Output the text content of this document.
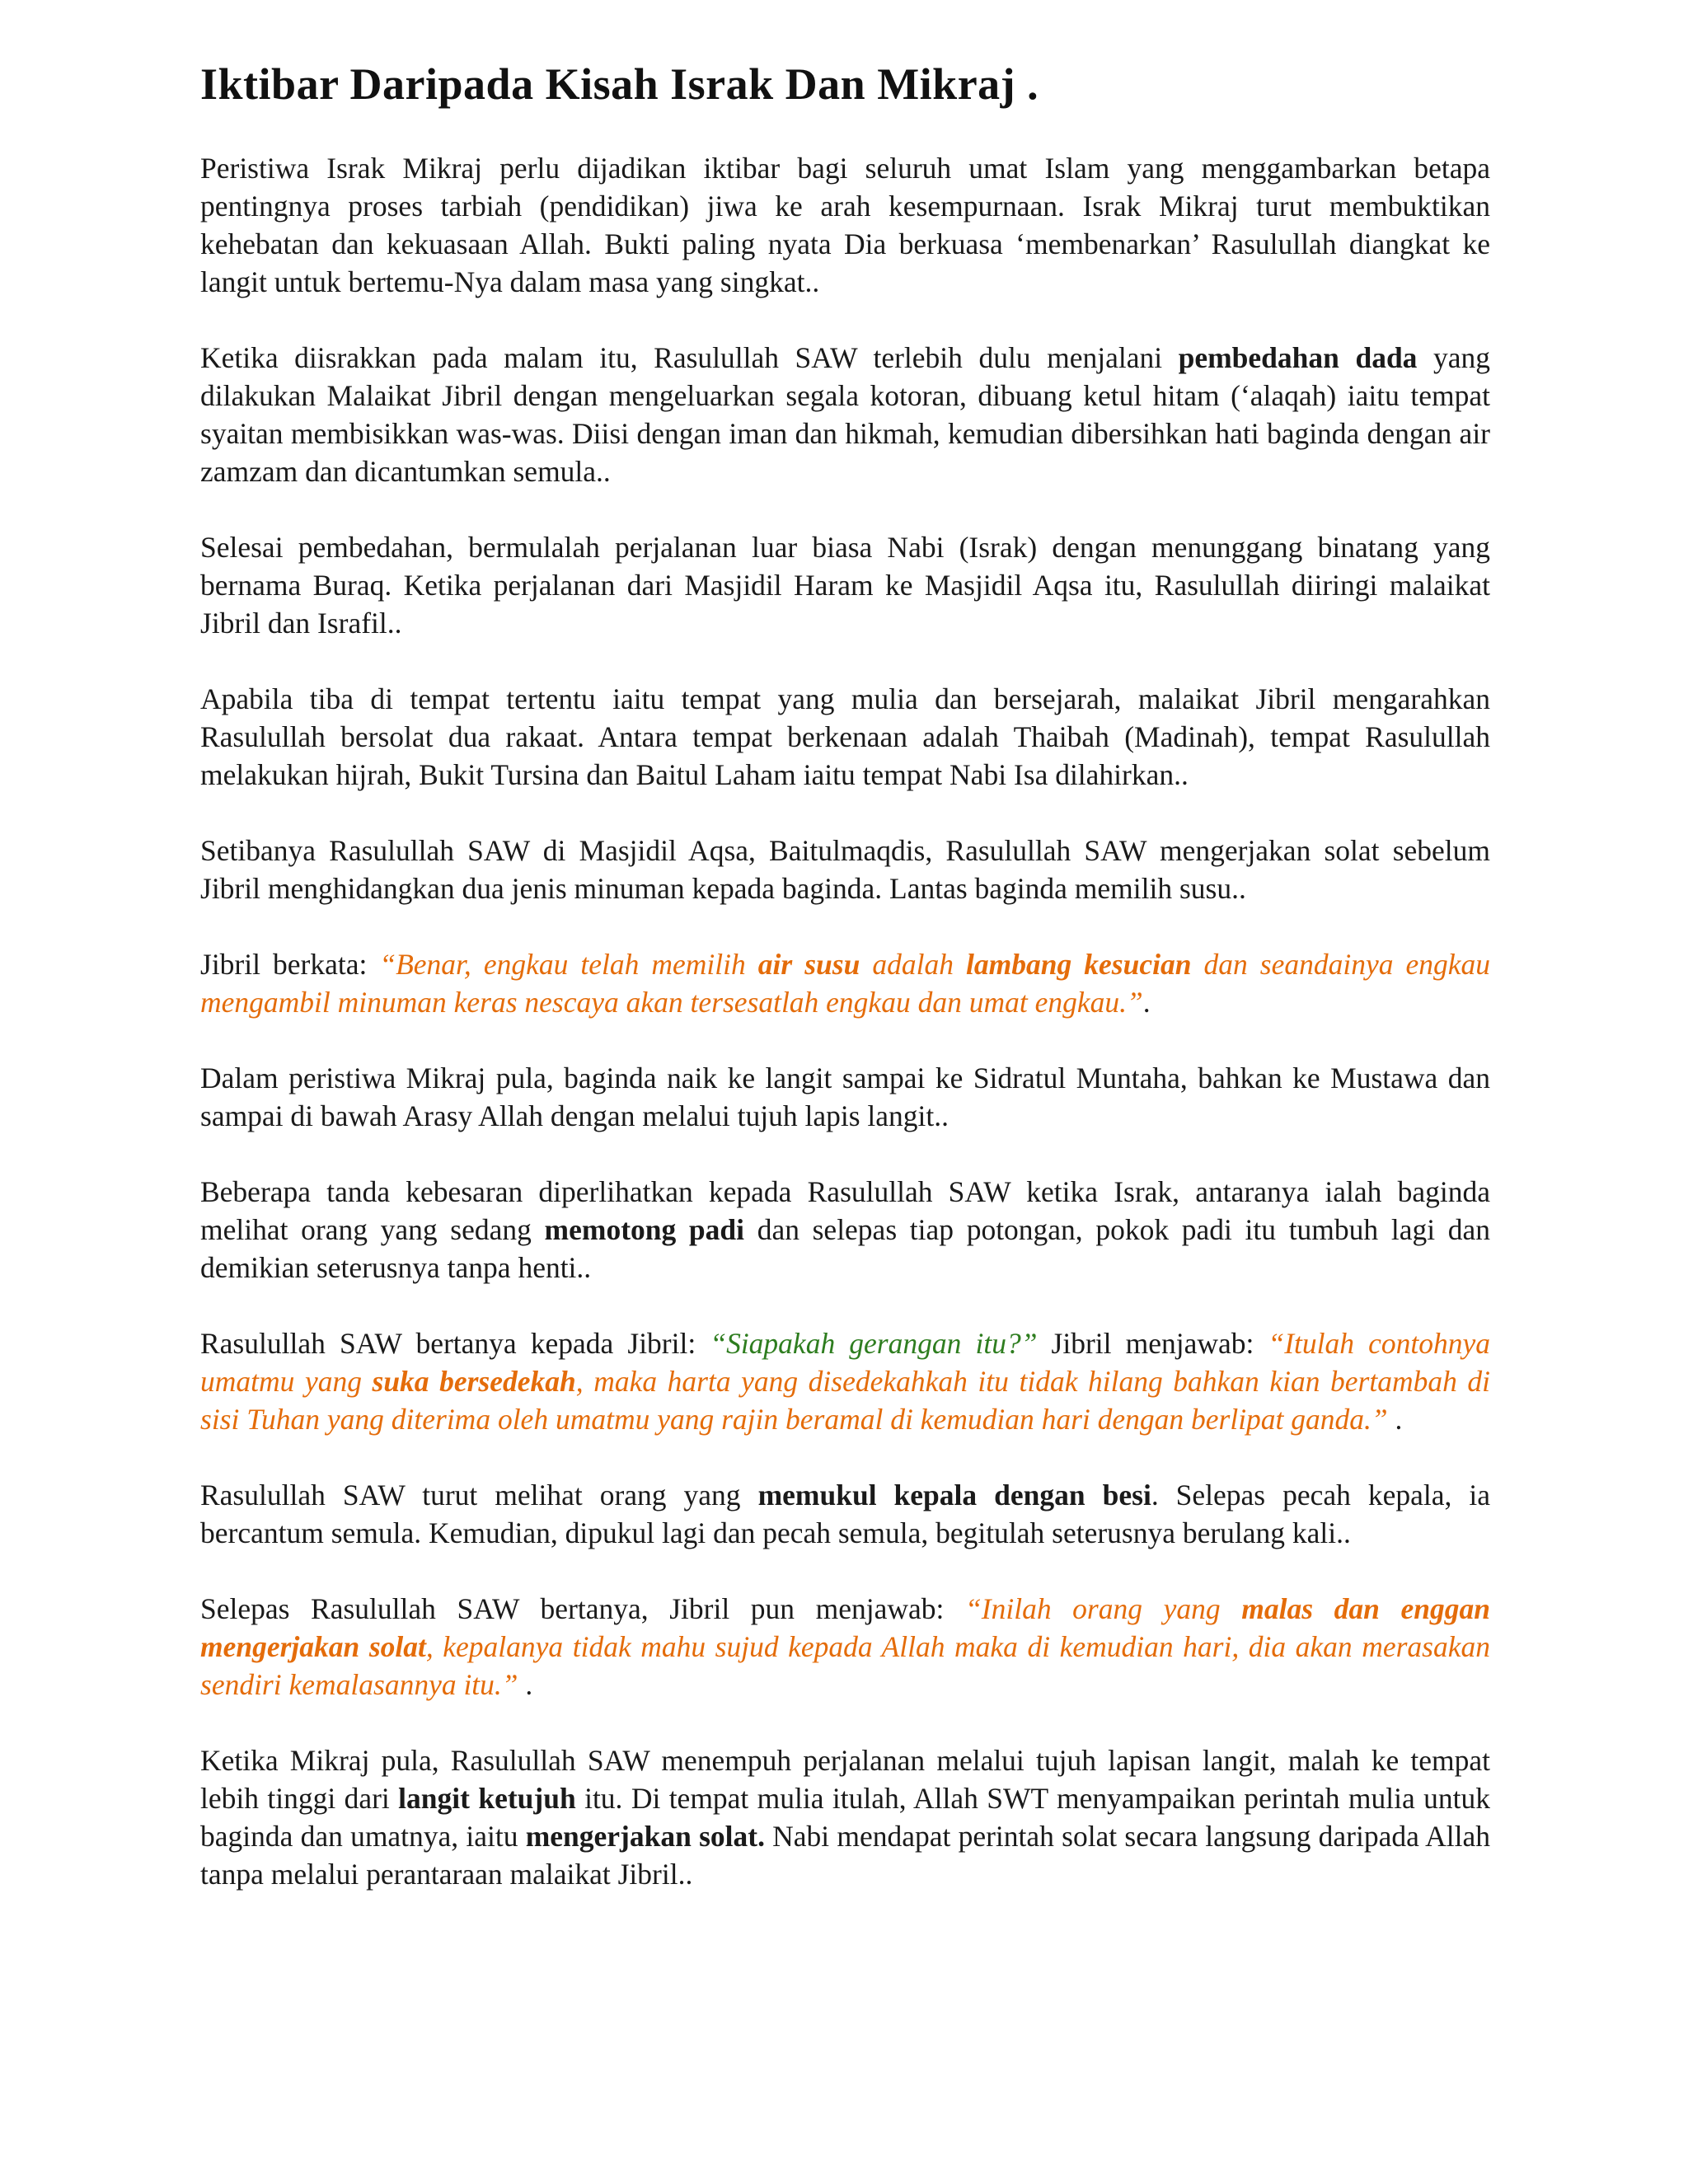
Iktibar Daripada Kisah Israk Dan Mikraj .

Peristiwa Israk Mikraj perlu dijadikan iktibar bagi seluruh umat Islam yang menggambarkan betapa pentingnya proses tarbiah (pendidikan) jiwa ke arah kesempurnaan. Israk Mikraj turut membuktikan kehebatan dan kekuasaan Allah. Bukti paling nyata Dia berkuasa ‘membenarkan’ Rasulullah diangkat ke langit untuk bertemu-Nya dalam masa yang singkat..

Ketika diisrakkan pada malam itu, Rasulullah SAW terlebih dulu menjalani pembedahan dada yang dilakukan Malaikat Jibril dengan mengeluarkan segala kotoran, dibuang ketul hitam (‘alaqah) iaitu tempat syaitan membisikkan was-was. Diisi dengan iman dan hikmah, kemudian dibersihkan hati baginda dengan air zamzam dan dicantumkan semula..

Selesai pembedahan, bermulalah perjalanan luar biasa Nabi (Israk) dengan menunggang binatang yang bernama Buraq. Ketika perjalanan dari Masjidil Haram ke Masjidil Aqsa itu, Rasulullah diiringi malaikat Jibril dan Israfil..

Apabila tiba di tempat tertentu iaitu tempat yang mulia dan bersejarah, malaikat Jibril mengarahkan Rasulullah bersolat dua rakaat. Antara tempat berkenaan adalah Thaibah (Madinah), tempat Rasulullah melakukan hijrah, Bukit Tursina dan Baitul Laham iaitu tempat Nabi Isa dilahirkan..

Setibanya Rasulullah SAW di Masjidil Aqsa, Baitulmaqdis, Rasulullah SAW mengerjakan solat sebelum Jibril menghidangkan dua jenis minuman kepada baginda. Lantas baginda memilih susu..

Jibril berkata: “Benar, engkau telah memilih air susu adalah lambang kesucian dan seandainya engkau mengambil minuman keras nescaya akan tersesatlah engkau dan umat engkau.”.

Dalam peristiwa Mikraj pula, baginda naik ke langit sampai ke Sidratul Muntaha, bahkan ke Mustawa dan sampai di bawah Arasy Allah dengan melalui tujuh lapis langit..

Beberapa tanda kebesaran diperlihatkan kepada Rasulullah SAW ketika Israk, antaranya ialah baginda melihat orang yang sedang memotong padi dan selepas tiap potongan, pokok padi itu tumbuh lagi dan demikian seterusnya tanpa henti..

Rasulullah SAW bertanya kepada Jibril: “Siapakah gerangan itu?” Jibril menjawab: “Itulah contohnya umatmu yang suka bersedekah, maka harta yang disedekahkah itu tidak hilang bahkan kian bertambah di sisi Tuhan yang diterima oleh umatmu yang rajin beramal di kemudian hari dengan berlipat ganda.” .

Rasulullah SAW turut melihat orang yang memukul kepala dengan besi. Selepas pecah kepala, ia bercantum semula. Kemudian, dipukul lagi dan pecah semula, begitulah seterusnya berulang kali..

Selepas Rasulullah SAW bertanya, Jibril pun menjawab: “Inilah orang yang malas dan enggan mengerjakan solat, kepalanya tidak mahu sujud kepada Allah maka di kemudian hari, dia akan merasakan sendiri kemalasannya itu.” .

Ketika Mikraj pula, Rasulullah SAW menempuh perjalanan melalui tujuh lapisan langit, malah ke tempat lebih tinggi dari langit ketujuh itu. Di tempat mulia itulah, Allah SWT menyampaikan perintah mulia untuk baginda dan umatnya, iaitu mengerjakan solat. Nabi mendapat perintah solat secara langsung daripada Allah tanpa melalui perantaraan malaikat Jibril..
